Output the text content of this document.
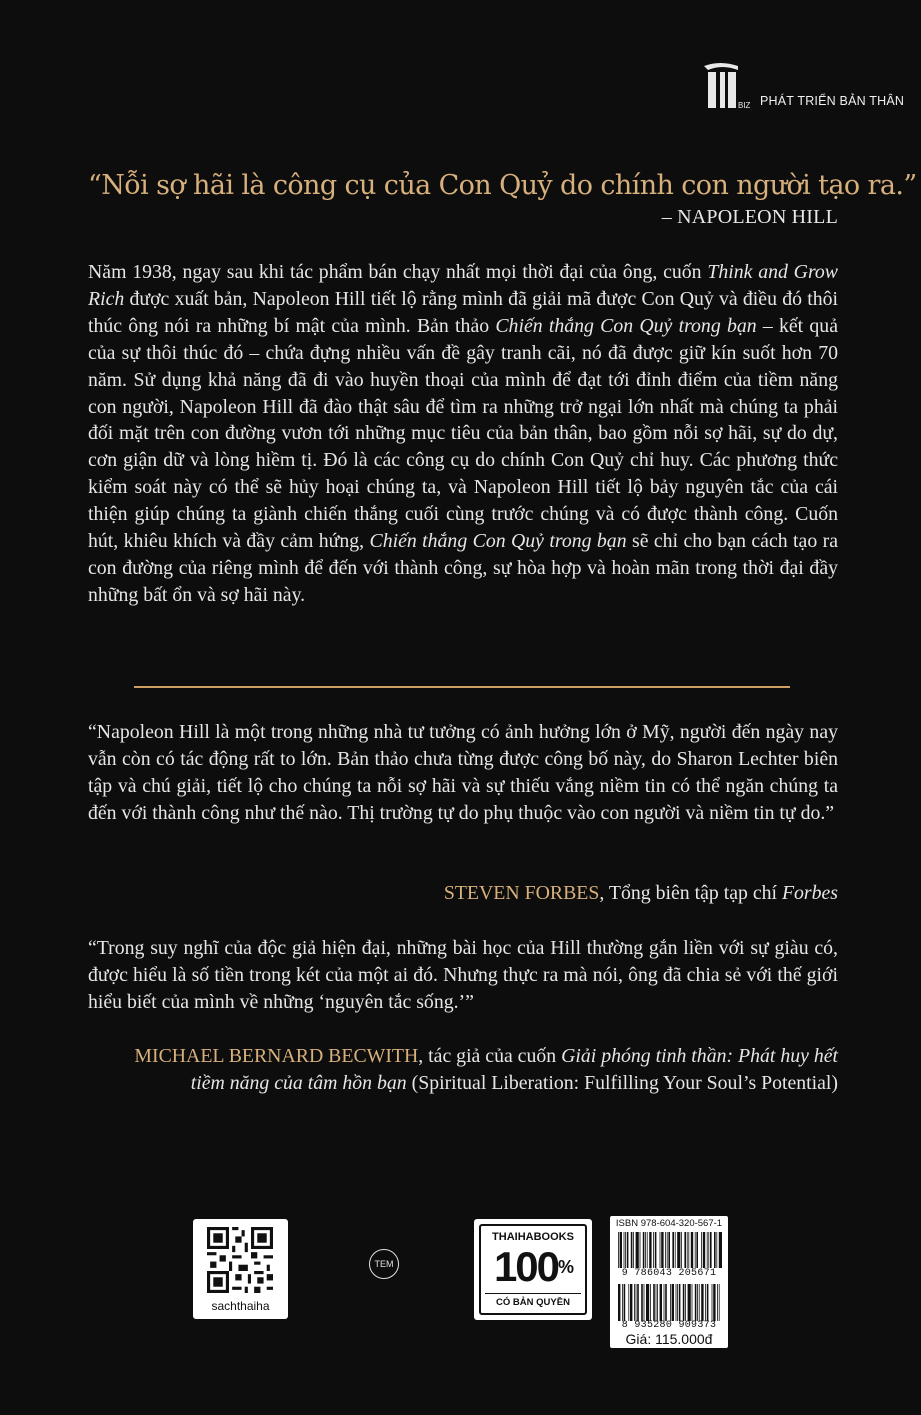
BIZ PHÁT TRIỂN BẢN THÂN
“Nỗi sợ hãi là công cụ của Con Quỷ do chính con người tạo ra.”
– NAPOLEON HILL
Năm 1938, ngay sau khi tác phẩm bán chạy nhất mọi thời đại của ông, cuốn Think and Grow Rich được xuất bản, Napoleon Hill tiết lộ rằng mình đã giải mã được Con Quỷ và điều đó thôi thúc ông nói ra những bí mật của mình. Bản thảo Chiến thắng Con Quỷ trong bạn – kết quả của sự thôi thúc đó – chứa đựng nhiều vấn đề gây tranh cãi, nó đã được giữ kín suốt hơn 70 năm. Sử dụng khả năng đã đi vào huyền thoại của mình để đạt tới đỉnh điểm của tiềm năng con người, Napoleon Hill đã đào thật sâu để tìm ra những trở ngại lớn nhất mà chúng ta phải đối mặt trên con đường vươn tới những mục tiêu của bản thân, bao gồm nỗi sợ hãi, sự do dự, cơn giận dữ và lòng hiềm tị. Đó là các công cụ do chính Con Quỷ chỉ huy. Các phương thức kiểm soát này có thể sẽ hủy hoại chúng ta, và Napoleon Hill tiết lộ bảy nguyên tắc của cái thiện giúp chúng ta giành chiến thắng cuối cùng trước chúng và có được thành công. Cuốn hút, khiêu khích và đầy cảm hứng, Chiến thắng Con Quỷ trong bạn sẽ chỉ cho bạn cách tạo ra con đường của riêng mình để đến với thành công, sự hòa hợp và hoàn mãn trong thời đại đầy những bất ổn và sợ hãi này.
“Napoleon Hill là một trong những nhà tư tưởng có ảnh hưởng lớn ở Mỹ, người đến ngày nay vẫn còn có tác động rất to lớn. Bản thảo chưa từng được công bố này, do Sharon Lechter biên tập và chú giải, tiết lộ cho chúng ta nỗi sợ hãi và sự thiếu vắng niềm tin có thể ngăn chúng ta đến với thành công như thế nào. Thị trường tự do phụ thuộc vào con người và niềm tin tự do.”
STEVEN FORBES, Tổng biên tập tạp chí Forbes
“Trong suy nghĩ của độc giả hiện đại, những bài học của Hill thường gắn liền với sự giàu có, được hiểu là số tiền trong két của một ai đó. Nhưng thực ra mà nói, ông đã chia sẻ với thế giới hiểu biết của mình về những ‘nguyên tắc sống.’”
MICHAEL BERNARD BECWITH, tác giả của cuốn Giải phóng tinh thần: Phát huy hết tiềm năng của tâm hồn bạn (Spiritual Liberation: Fulfilling Your Soul’s Potential)
sachthaiha
TEM
THAIHABOOKS
100%
CÓ BẢN QUYỀN
ISBN 978-604-320-567-1
9 786043 205671
8 935280 909373
Giá: 115.000đ
